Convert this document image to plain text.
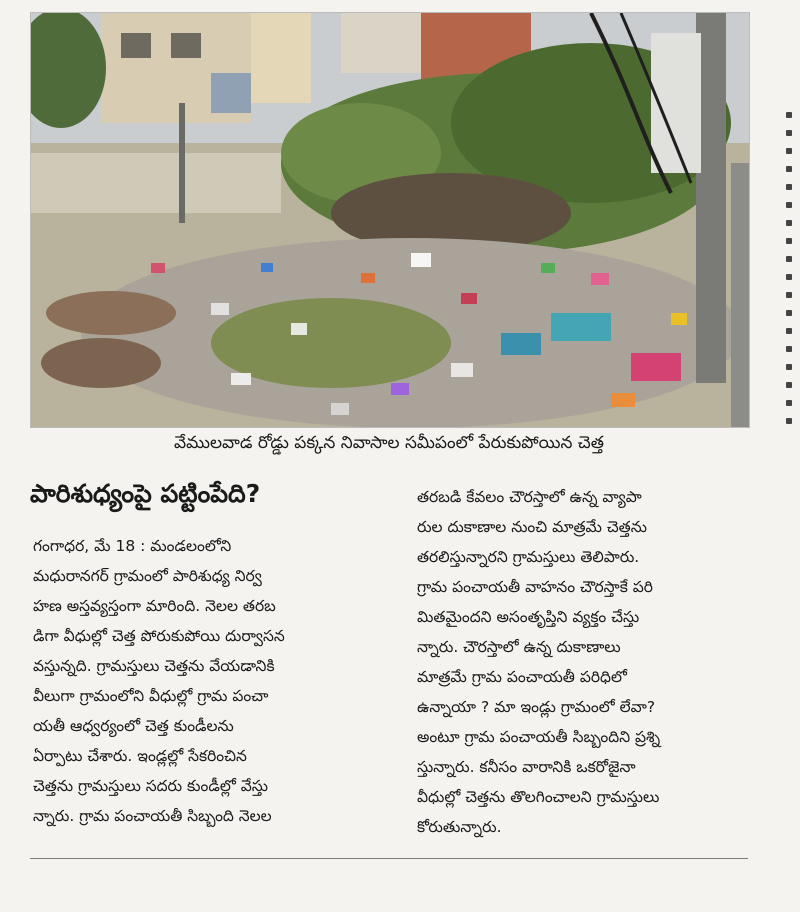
వేములవాడ రోడ్డు పక్కన నివాసాల సమీపంలో పేరుకుపోయిన చెత్త
పారిశుధ్యంపై పట్టింపేది?
గంగాధర, మే 18 : మండలంలోని
మధురానగర్ గ్రామంలో పారిశుధ్య నిర్వ
హణ అస్తవ్యస్తంగా మారింది. నెలల తరబ
డిగా వీధుల్లో చెత్త పోరుకుపోయి దుర్వాసన
వస్తున్నది. గ్రామస్తులు చెత్తను వేయడానికి
వీలుగా గ్రామంలోని వీధుల్లో గ్రామ పంచా
యతీ ఆధ్వర్యంలో చెత్త కుండీలను
ఏర్పాటు చేశారు. ఇండ్లల్లో సేకరించిన
చెత్తను గ్రామస్తులు సదరు కుండీల్లో వేస్తు
న్నారు. గ్రామ పంచాయతీ సిబ్బంది నెలల
తరబడి కేవలం చౌరస్తాలో ఉన్న వ్యాపా
రుల దుకాణాల నుంచి మాత్రమే చెత్తను
తరలిస్తున్నారని గ్రామస్తులు తెలిపారు.
గ్రామ పంచాయతీ వాహనం చౌరస్తాకే పరి
మితమైందని అసంతృప్తిని వ్యక్తం చేస్తు
న్నారు. చౌరస్తాలో ఉన్న దుకాణాలు
మాత్రమే గ్రామ పంచాయతీ పరిధిలో
ఉన్నాయా ? మా ఇండ్లు గ్రామంలో లేవా?
అంటూ గ్రామ పంచాయతీ సిబ్బందిని ప్రశ్ని
స్తున్నారు. కనీసం వారానికి ఒకరోజైనా
వీధుల్లో చెత్తను తొలగించాలని గ్రామస్తులు
కోరుతున్నారు.
